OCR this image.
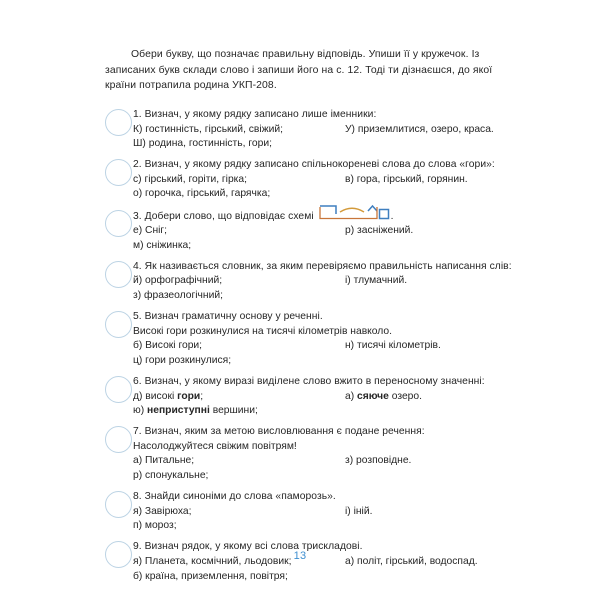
Обери букву, що позначає правильну відповідь. Упиши її у кружечок. Із записаних букв склади слово і запиши його на с. 12. Тоді ти дізнаєшся, до якої країни потрапила родина УКП-208.
1. Визнач, у якому рядку записано лише іменники:
К) гостинність, гірський, свіжий;	У) приземлитися, озеро, краса.
Ш) родина, гостинність, гори;
2. Визнач, у якому рядку записано спільнокореневі слова до слова «гори»:
с) гірський, горіти, гірка;	в) гора, гірський, горянин.
о) горочка, гірський, гарячка;
3. Добери слово, що відповідає схемі	.
е) Сніг;	р) засніжений.
м) сніжинка;
4. Як називається словник, за яким перевіряємо правильність написання слів:
й) орфографічний;	і) тлумачний.
з) фразеологічний;
5. Визнач граматичну основу у реченні.
Високі гори розкинулися на тисячі кілометрів навколо.
б) Високі гори;	н) тисячі кілометрів.
ц) гори розкинулися;
6. Визнач, у якому виразі виділене слово вжито в переносному значенні:
д) високі гори;	а) сяюче озеро.
ю) неприступні вершини;
7. Визнач, яким за метою висловлювання є подане речення:
Насолоджуйтеся свіжим повітрям!
а) Питальне;	з) розповідне.
р) спонукальне;
8. Знайди синоніми до слова «паморозь».
я) Завірюха;	і) іній.
п) мороз;
9. Визнач рядок, у якому всі слова трискладові.
я) Планета, космічний, льодовик;	а) політ, гірський, водоспад.
б) країна, приземлення, повітря;
13
